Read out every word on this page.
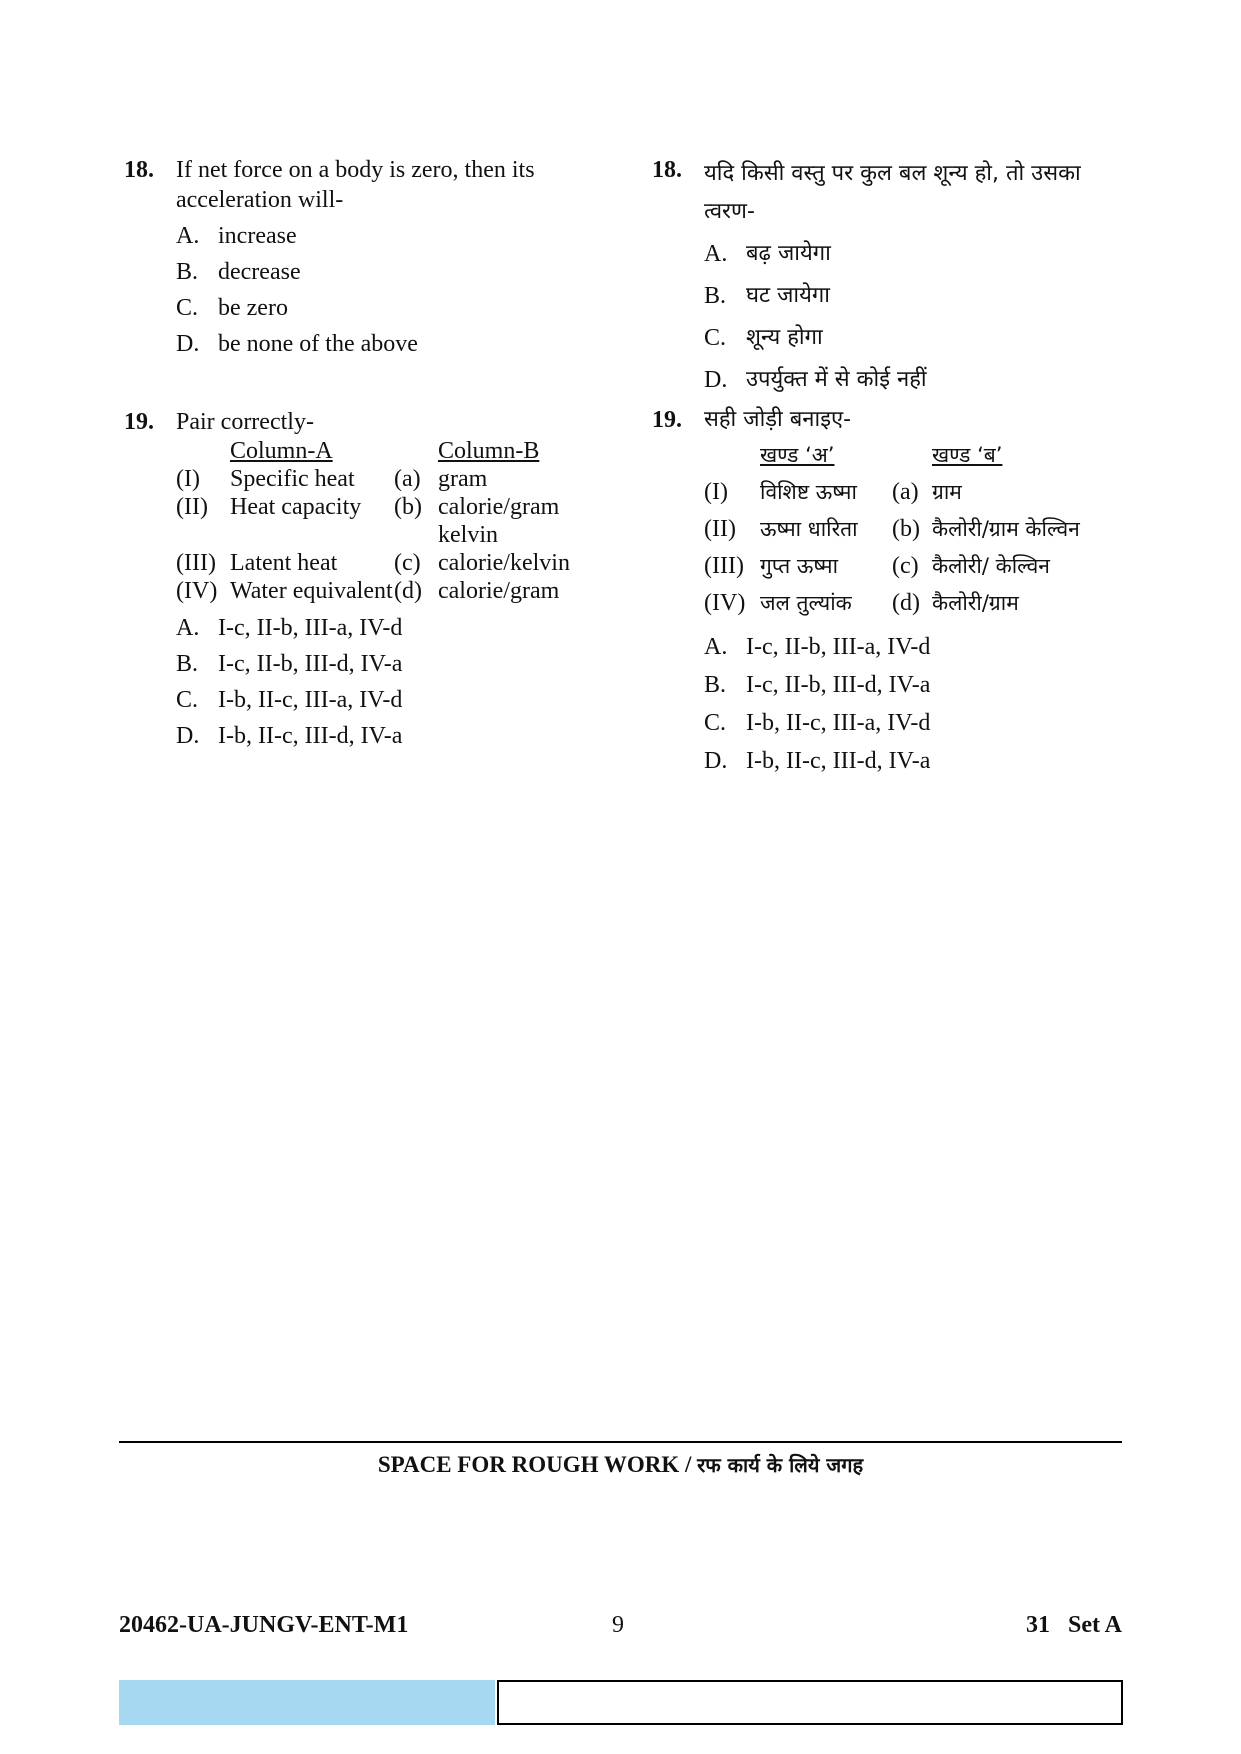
18. If net force on a body is zero, then its acceleration will-
A. increase
B. decrease
C. be zero
D. be none of the above
19. Pair correctly-
	Column-A		Column-B
(I)	Specific heat	(a)	gram
(II)	Heat capacity	(b)	calorie/gram kelvin
(III)	Latent heat	(c)	calorie/kelvin
(IV)	Water equivalent	(d)	calorie/gram
A. I-c, II-b, III-a, IV-d
B. I-c, II-b, III-d, IV-a
C. I-b, II-c, III-a, IV-d
D. I-b, II-c, III-d, IV-a
18. यदि किसी वस्तु पर कुल बल शून्य हो, तो उसका त्वरण-
A. बढ़ जायेगा
B. घट जायेगा
C. शून्य होगा
D. उपर्युक्त में से कोई नहीं
19. सही जोड़ी बनाइए-
	खण्ड ‘अ’		खण्ड ‘ब’
(I)	विशिष्ट ऊष्मा	(a)	ग्राम
(II)	ऊष्मा धारिता	(b)	कैलोरी/ग्राम केल्विन
(III)	गुप्त ऊष्मा	(c)	कैलोरी/ केल्विन
(IV)	जल तुल्यांक	(d)	कैलोरी/ग्राम
A. I-c, II-b, III-a, IV-d
B. I-c, II-b, III-d, IV-a
C. I-b, II-c, III-a, IV-d
D. I-b, II-c, III-d, IV-a
SPACE FOR ROUGH WORK / रफ कार्य के लिये जगह
20462-UA-JUNGV-ENT-M1	9	31   Set A
